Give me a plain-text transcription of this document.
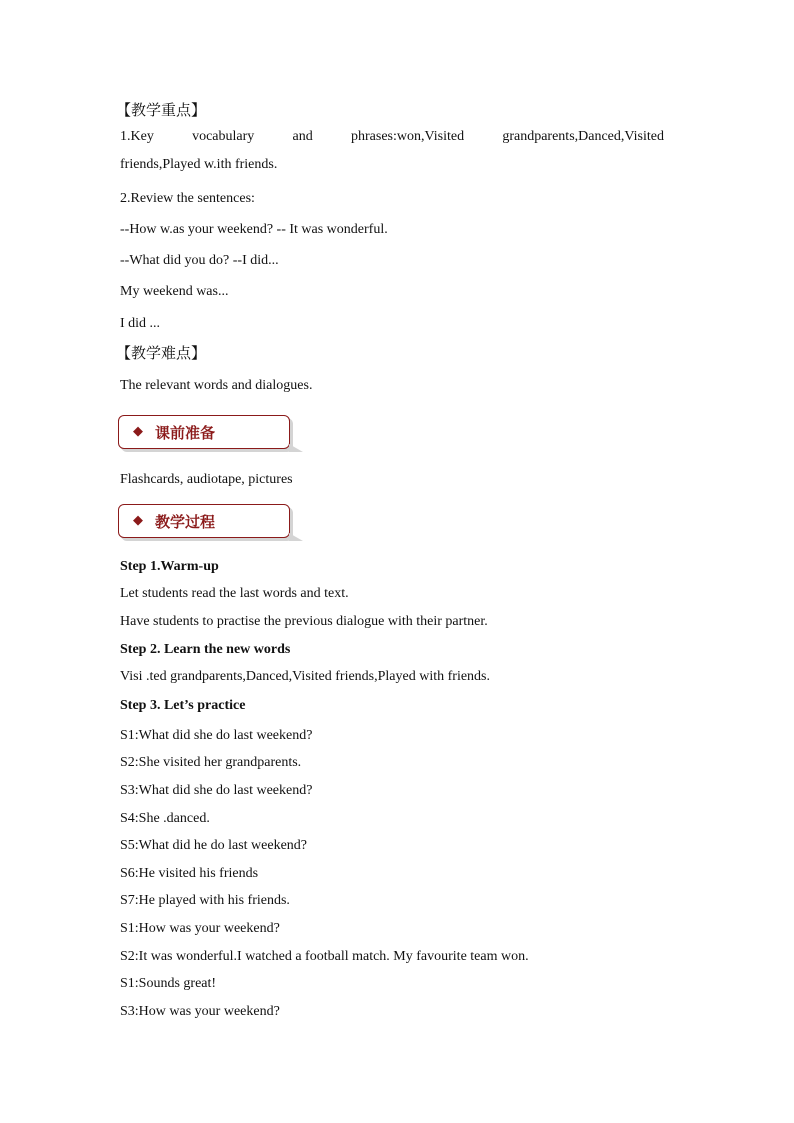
【教学重点】
1.Key	vocabulary	and	phrases:won,Visited	grandparents,Danced,Visited
friends,Played w.ith friends.
2.Review the sentences:
--How w.as your weekend? -- It was wonderful.
--What did you do? --I did...
My weekend was...
I did ...
【教学难点】
The relevant words and dialogues.
◆ 课前准备
Flashcards, audiotape, pictures
◆ 教学过程
Step 1.Warm-up
Let students read the last words and text.
Have students to practise the previous dialogue with their partner.
Step 2. Learn the new words
Visi .ted grandparents,Danced,Visited friends,Played with friends.
Step 3. Let’s practice
S1:What did she do last weekend?
S2:She visited her grandparents.
S3:What did she do last weekend?
S4:She .danced.
S5:What did he do last weekend?
S6:He visited his friends
S7:He played with his friends.
S1:How was your weekend?
S2:It was wonderful.I watched a football match. My favourite team won.
S1:Sounds great!
S3:How was your weekend?
